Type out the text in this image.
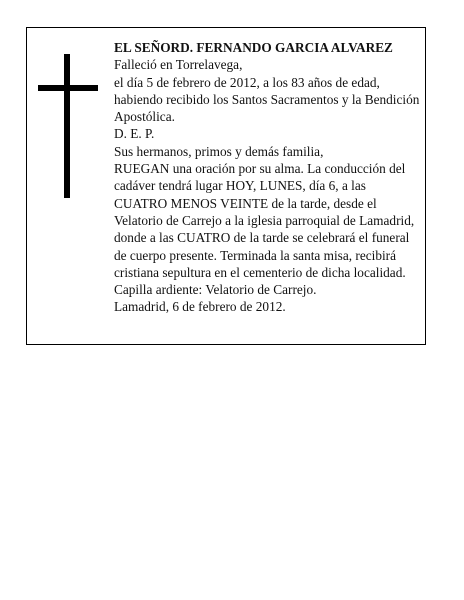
EL SEÑORD. FERNANDO GARCIA ALVAREZ

Falleció en Torrelavega,

el día 5 de febrero de 2012, a los 83 años de edad, habiendo recibido los Santos Sacramentos y la Bendición Apostólica.

D. E. P.

Sus hermanos, primos y demás familia,

RUEGAN una oración por su alma. La conducción del cadáver tendrá lugar HOY, LUNES, día 6, a las CUATRO MENOS VEINTE de la tarde, desde el Velatorio de Carrejo a la iglesia parroquial de Lamadrid, donde a las CUATRO de la tarde se celebrará el funeral de cuerpo presente. Terminada la santa misa, recibirá cristiana sepultura en el cementerio de dicha localidad.

Capilla ardiente: Velatorio de Carrejo.

Lamadrid, 6 de febrero de 2012.
